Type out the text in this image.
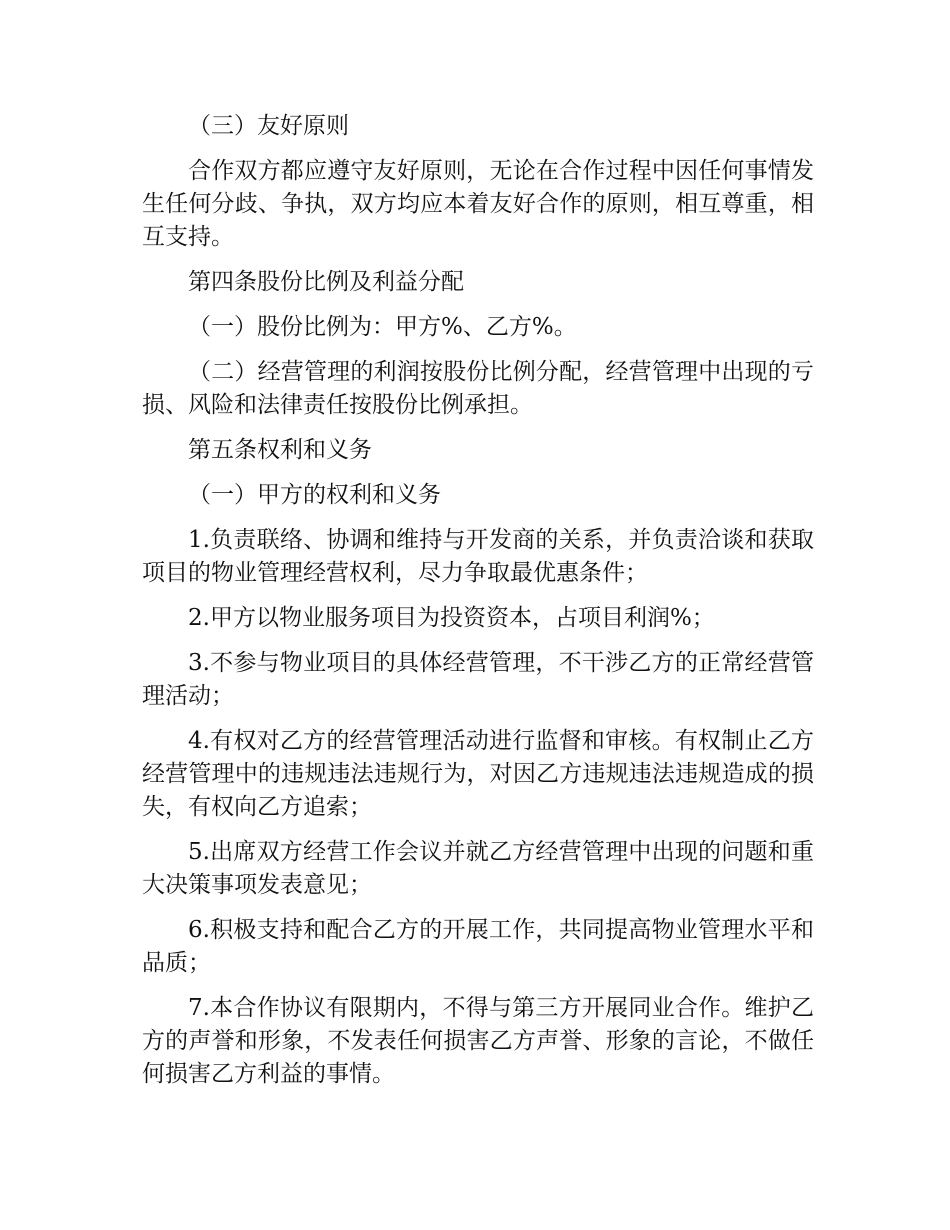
（三）友好原则

合作双方都应遵守友好原则，无论在合作过程中因任何事情发生任何分歧、争执，双方均应本着友好合作的原则，相互尊重，相互支持。

第四条股份比例及利益分配

（一）股份比例为：甲方%、乙方%。

（二）经营管理的利润按股份比例分配，经营管理中出现的亏损、风险和法律责任按股份比例承担。

第五条权利和义务

（一）甲方的权利和义务

1.负责联络、协调和维持与开发商的关系，并负责洽谈和获取项目的物业管理经营权利，尽力争取最优惠条件；

2.甲方以物业服务项目为投资资本，占项目利润%；

3.不参与物业项目的具体经营管理，不干涉乙方的正常经营管理活动；

4.有权对乙方的经营管理活动进行监督和审核。有权制止乙方经营管理中的违规违法违规行为，对因乙方违规违法违规造成的损失，有权向乙方追索；

5.出席双方经营工作会议并就乙方经营管理中出现的问题和重大决策事项发表意见；

6.积极支持和配合乙方的开展工作，共同提高物业管理水平和品质；

7.本合作协议有限期内，不得与第三方开展同业合作。维护乙方的声誉和形象，不发表任何损害乙方声誉、形象的言论，不做任何损害乙方利益的事情。
